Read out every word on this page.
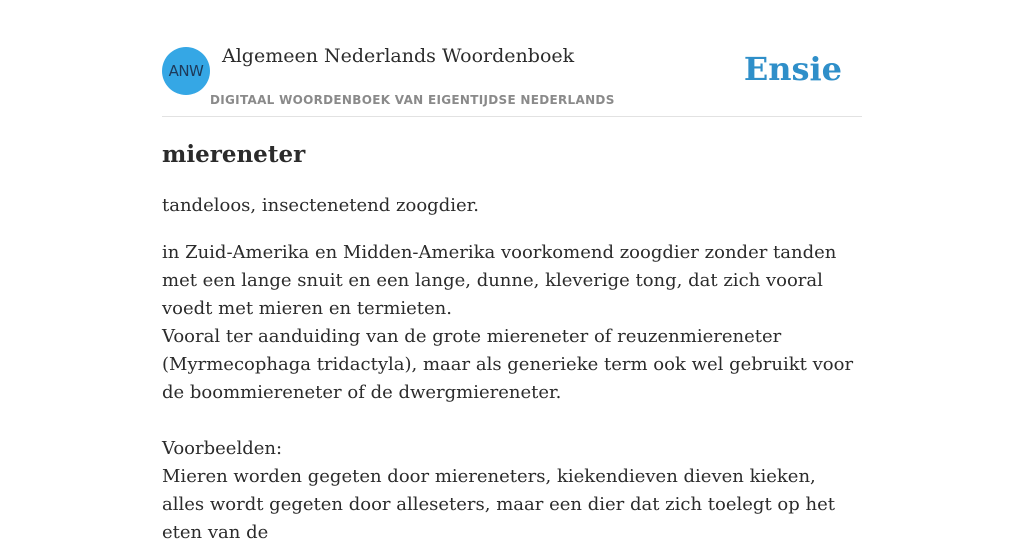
ANW
Algemeen Nederlands Woordenboek
DIGITAAL WOORDENBOEK VAN EIGENTIJDSE NEDERLANDS
Ensie
miereneter

tandeloos, insectenetend zoogdier.

in Zuid-Amerika en Midden-Amerika voorkomend zoogdier zonder tanden met een lange snuit en een lange, dunne, kleverige tong, dat zich vooral voedt met mieren en termieten.
Vooral ter aanduiding van de grote miereneter of reuzenmiereneter (Myrmecophaga tridactyla), maar als generieke term ook wel gebruikt voor de boommiereneter of de dwergmiereneter.
Voorbeelden:
Mieren worden gegeten door miereneters, kiekendieven dieven kieken, alles wordt gegeten door alleseters, maar een dier dat zich toelegt op het eten van de
